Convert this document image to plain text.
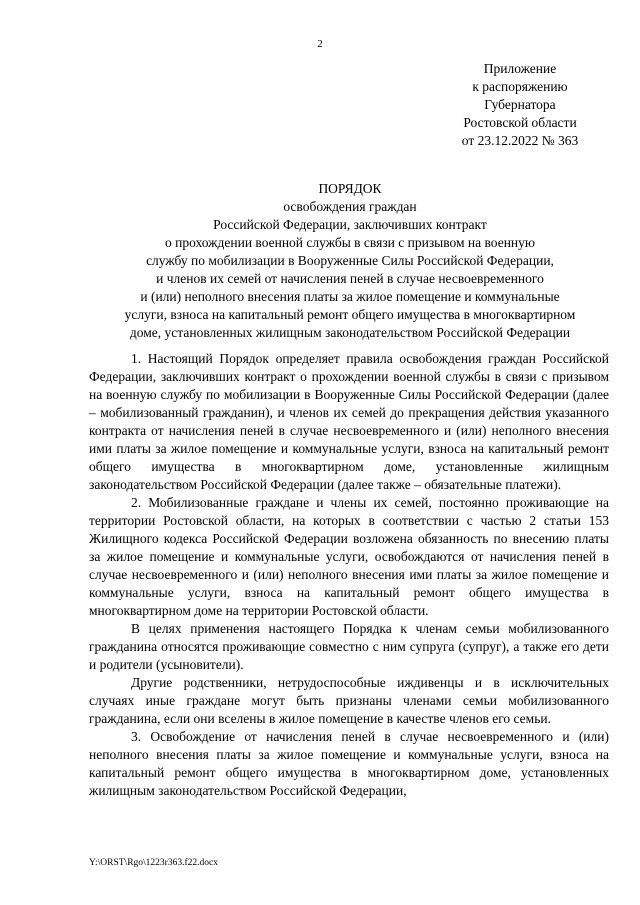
2
Приложение
к распоряжению
Губернатора
Ростовской области
от 23.12.2022 № 363
ПОРЯДОК
освобождения граждан
Российской Федерации, заключивших контракт
о прохождении военной службы в связи с призывом на военную
службу по мобилизации в Вооруженные Силы Российской Федерации,
и членов их семей от начисления пеней в случае несвоевременного
и (или) неполного внесения платы за жилое помещение и коммунальные
услуги, взноса на капитальный ремонт общего имущества в многоквартирном
доме, установленных жилищным законодательством Российской Федерации

1. Настоящий Порядок определяет правила освобождения граждан Российской Федерации, заключивших контракт о прохождении военной службы в связи с призывом на военную службу по мобилизации в Вооруженные Силы Российской Федерации (далее – мобилизованный гражданин), и членов их семей до прекращения действия указанного контракта от начисления пеней в случае несвоевременного и (или) неполного внесения ими платы за жилое помещение и коммунальные услуги, взноса на капитальный ремонт общего имущества в многоквартирном доме, установленные жилищным законодательством Российской Федерации (далее также – обязательные платежи).

2. Мобилизованные граждане и члены их семей, постоянно проживающие на территории Ростовской области, на которых в соответствии с частью 2 статьи 153 Жилищного кодекса Российской Федерации возложена обязанность по внесению платы за жилое помещение и коммунальные услуги, освобождаются от начисления пеней в случае несвоевременного и (или) неполного внесения ими платы за жилое помещение и коммунальные услуги, взноса на капитальный ремонт общего имущества в многоквартирном доме на территории Ростовской области.

В целях применения настоящего Порядка к членам семьи мобилизованного гражданина относятся проживающие совместно с ним супруга (супруг), а также его дети и родители (усыновители).

Другие родственники, нетрудоспособные иждивенцы и в исключительных случаях иные граждане могут быть признаны членами семьи мобилизованного гражданина, если они вселены в жилое помещение в качестве членов его семьи.

3. Освобождение от начисления пеней в случае несвоевременного и (или) неполного внесения платы за жилое помещение и коммунальные услуги, взноса на капитальный ремонт общего имущества в многоквартирном доме, установленных жилищным законодательством Российской Федерации,

Y:\ORST\Rgo\1223r363.f22.docx
